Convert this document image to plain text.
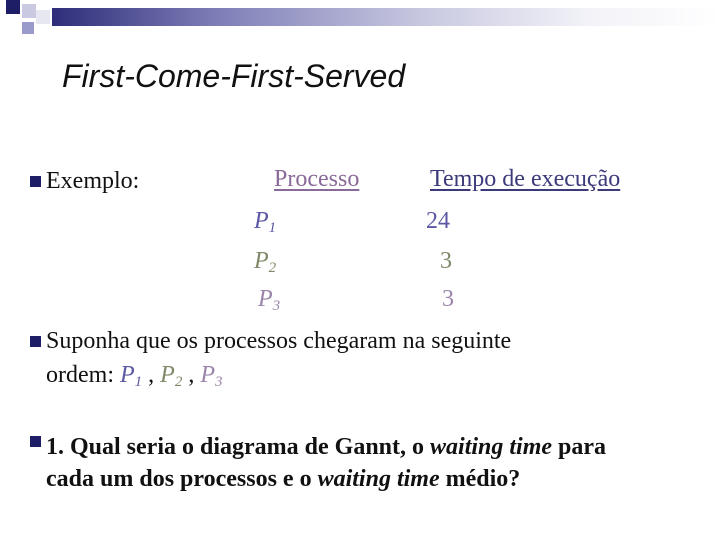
First-Come-First-Served
Exemplo:	Processo	Tempo de execução
$P_1$	24
$P_2$	3
$P_3$	3
Suponha que os processos chegaram na seguinte
ordem: $P_1$ , $P_2$ , $P_3$
1. Qual seria o diagrama de Gannt, o waiting time para
cada um dos processos e o waiting time médio?
